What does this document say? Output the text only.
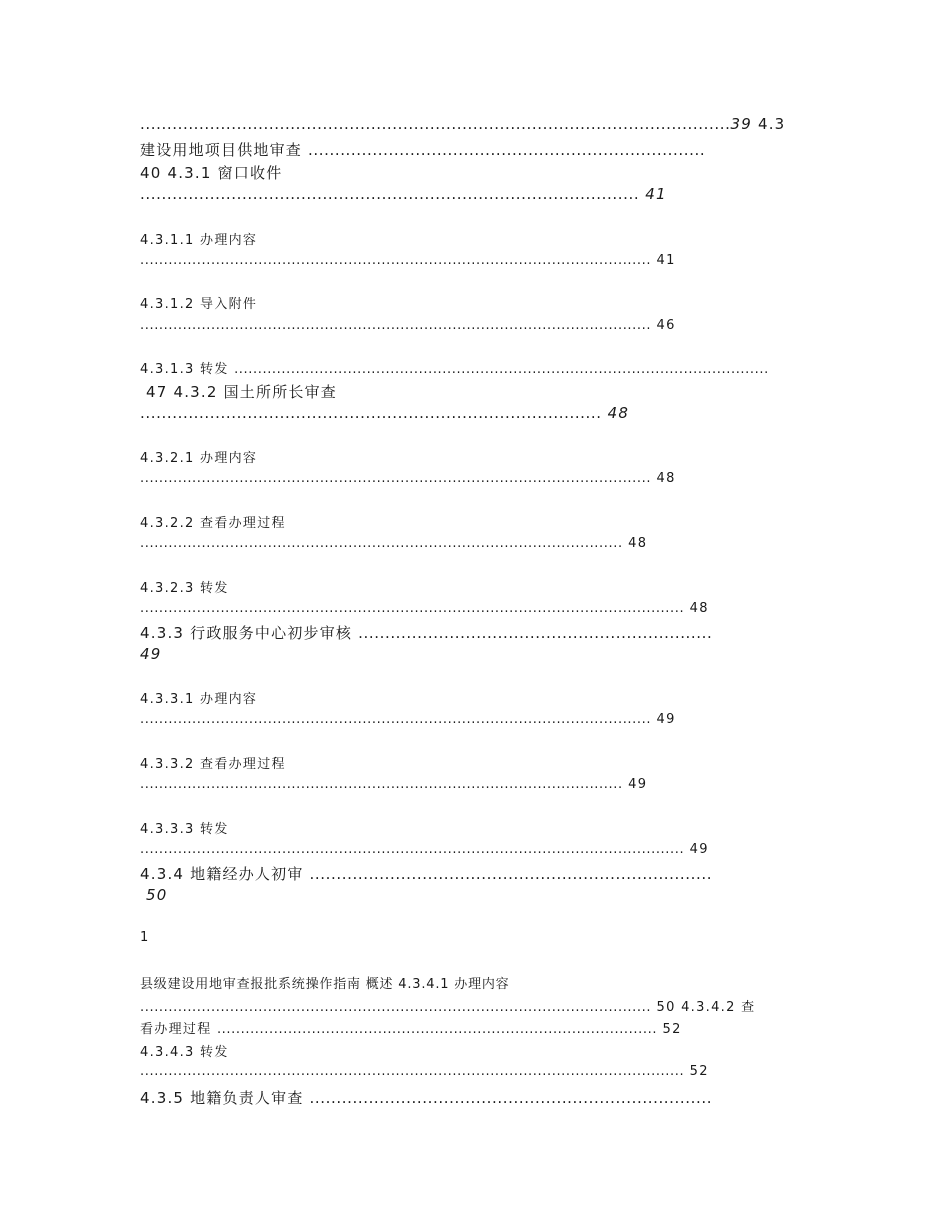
..............................................................................................................39 4.3
建设用地项目供地审查 ..........................................................................
40 4.3.1 窗口收件
............................................................................................. 41
4.3.1.1 办理内容
............................................................................................................ 41
4.3.1.2 导入附件
............................................................................................................ 46
4.3.1.3 转发 .................................................................................................................
47 4.3.2 国土所所长审查
...................................................................................... 48
4.3.2.1 办理内容
............................................................................................................ 48
4.3.2.2 查看办理过程
...................................................................................................... 48
4.3.2.3 转发
................................................................................................................... 48
4.3.3 行政服务中心初步审核 ..................................................................
49
4.3.3.1 办理内容
............................................................................................................ 49
4.3.3.2 查看办理过程
...................................................................................................... 49
4.3.3.3 转发
................................................................................................................... 49
4.3.4 地籍经办人初审 ...........................................................................
50
1
县级建设用地审查报批系统操作指南 概述 4.3.4.1 办理内容
............................................................................................................ 50 4.3.4.2 查
看办理过程 ............................................................................................. 52
4.3.4.3 转发
................................................................................................................... 52
4.3.5 地籍负责人审查 ...........................................................................
